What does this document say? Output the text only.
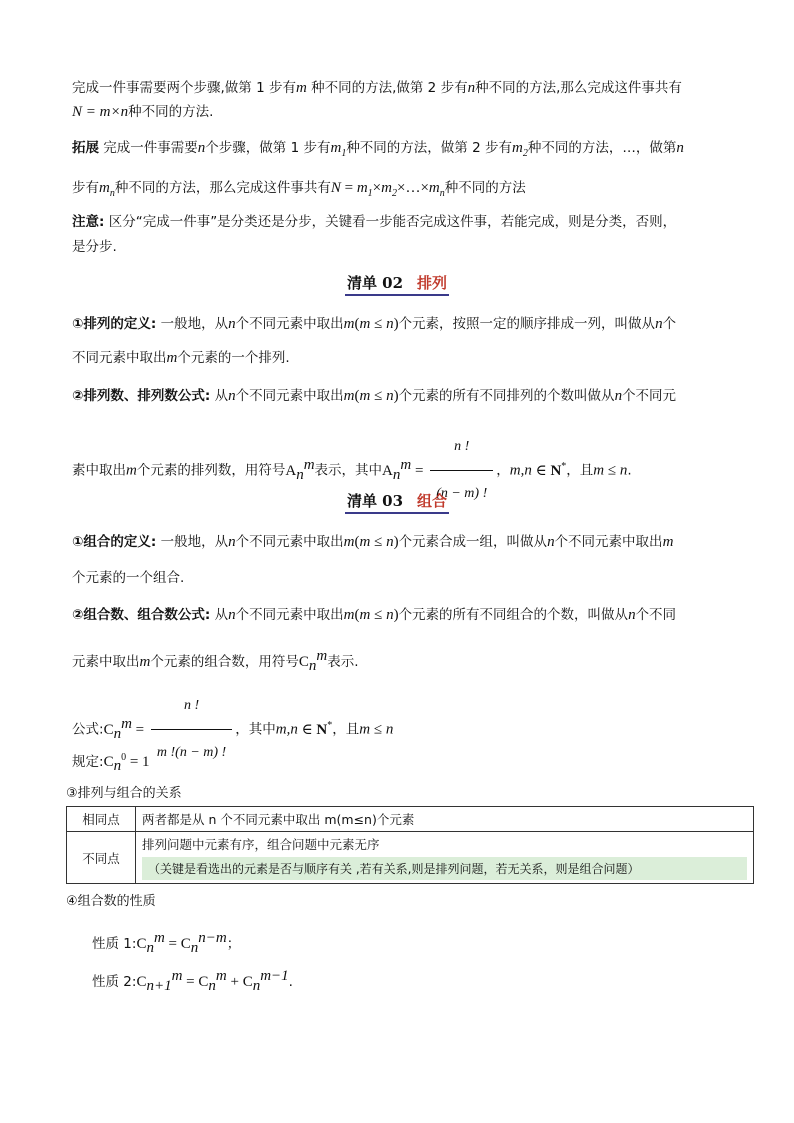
完成一件事需要两个步骤,做第 1 步有m 种不同的方法,做第 2 步有n种不同的方法,那么完成这件事共有
N = m×n种不同的方法.
拓展 完成一件事需要n个步骤，做第 1 步有$m_1$种不同的方法，做第 2 步有$m_2$种不同的方法，…，做第n
步有$m_n$种不同的方法，那么完成这件事共有$N = m_1\times m_2\times\dots\times m_n$种不同的方法
注意: 区分“完成一件事”是分类还是分步，关键看一步能否完成这件事，若能完成，则是分类，否则，
是分步.
清单 02 排列
①排列的定义: 一般地，从n个不同元素中取出m(m ≤ n)个元素，按照一定的顺序排成一列，叫做从n个
不同元素中取出m个元素的一个排列.
②排列数、排列数公式: 从n个不同元素中取出m(m ≤ n)个元素的所有不同排列的个数叫做从n个不同元
素中取出m个元素的排列数，用符号$A_n^m$表示，其中$A_n^m = \frac{n !}{(n - m) !}$ ，m,n ∈ N*，且m ≤ n.
清单 03 组合
①组合的定义: 一般地，从n个不同元素中取出m(m ≤ n)个元素合成一组，叫做从n个不同元素中取出m
个元素的一个组合.
②组合数、组合数公式: 从n个不同元素中取出m(m ≤ n)个元素的所有不同组合的个数，叫做从n个不同
元素中取出m个元素的组合数，用符号$C_n^m$表示.
公式$:C_n^m = \frac{n !}{m !(n - m) !}$ ，其中m,n ∈ N*，且m ≤ n
规定$:C_n^0 = 1$
③排列与组合的关系
相同点	两者都是从 n 个不同元素中取出 m(m≤n)个元素
不同点	排列问题中元素有序，组合问题中元素无序
（关键是看选出的元素是否与顺序有关 ,若有关系,则是排列问题，若无关系，则是组合问题）
④组合数的性质
性质 $1:C_n^m = C_n^{n-m}$；
性质 $2:C_{n+1}^m = C_n^m + C_n^{m-1}$.
